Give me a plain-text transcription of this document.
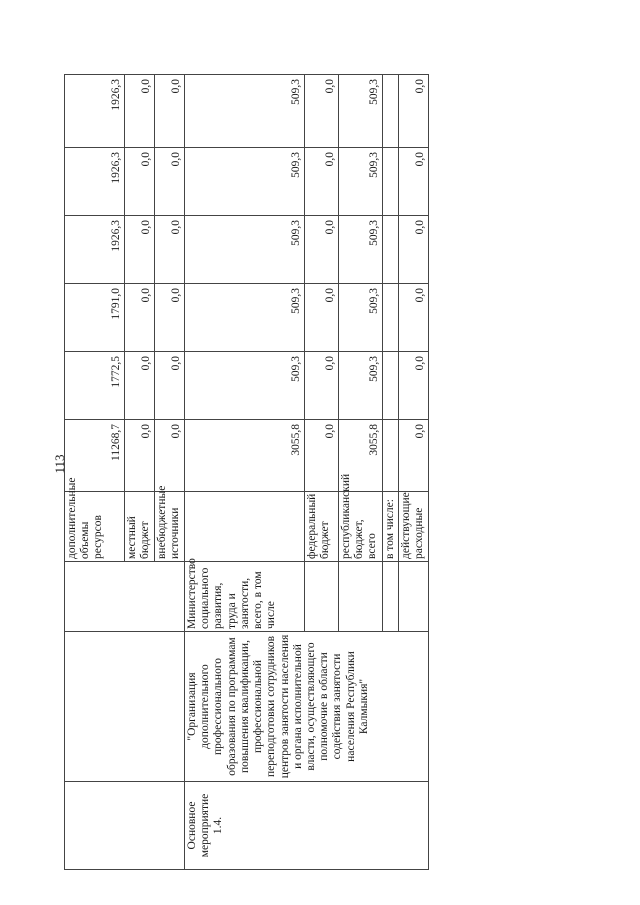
113
			дополнительные объемы ресурсов	11268,7	1772,5	1791,0	1926,3	1926,3	1926,3
			местный бюджет	0,0	0,0	0,0	0,0	0,0	0,0
			внебюджетные источники	0,0	0,0	0,0	0,0	0,0	0,0
Основное мероприятие 1.4.	"Организация дополнительного профессионального образования по программам повышения квалификации, профессиональной переподготовки сотрудников центров занятости населения и органа исполнительной власти, осуществляющего полномочие в области содействия занятости населения Республики Калмыкия"	Министерство социального развития, труда и занятости, всего, в том числе		3055,8	509,3	509,3	509,3	509,3	509,3
			федеральный бюджет	0,0	0,0	0,0	0,0	0,0	0,0
			республиканский бюджет, всего	3055,8	509,3	509,3	509,3	509,3	509,3
			в том числе:						
			действующие расходные	0,0	0,0	0,0	0,0	0,0	0,0
